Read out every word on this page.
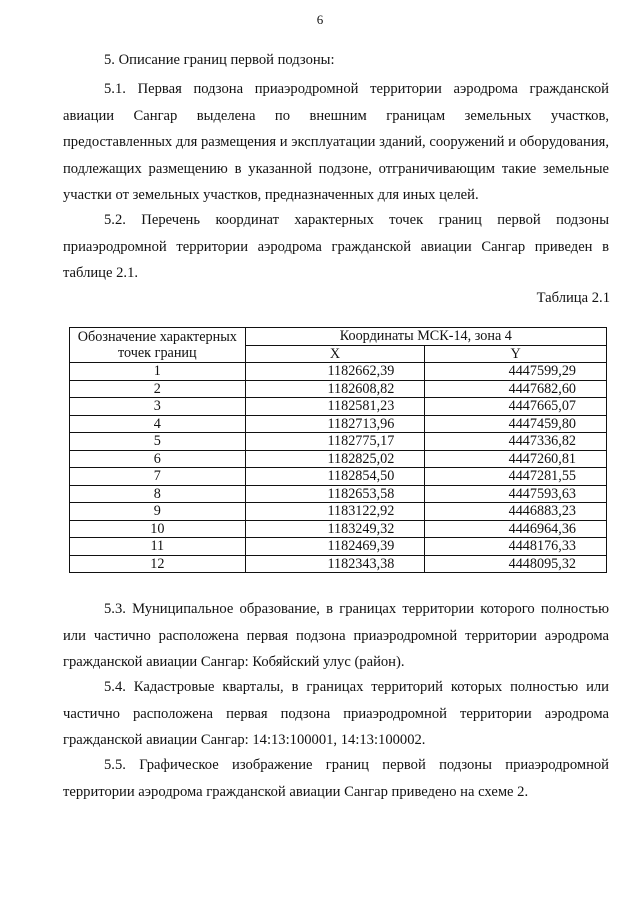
6
5. Описание границ первой подзоны:

5.1. Первая подзона приаэродромной территории аэродрома гражданской авиации Сангар выделена по внешним границам земельных участков, предоставленных для размещения и эксплуатации зданий, сооружений и оборудования, подлежащих размещению в указанной подзоне, отграничивающим такие земельные участки от земельных участков, предназначенных для иных целей.

5.2. Перечень координат характерных точек границ первой подзоны приаэродромной территории аэродрома гражданской авиации Сангар приведен в таблице 2.1.

Таблица 2.1
Обозначение характерных точек границ	Координаты МСК-14, зона 4	
	X	Y
1	1182662,39	4447599,29
2	1182608,82	4447682,60
3	1182581,23	4447665,07
4	1182713,96	4447459,80
5	1182775,17	4447336,82
6	1182825,02	4447260,81
7	1182854,50	4447281,55
8	1182653,58	4447593,63
9	1183122,92	4446883,23
10	1183249,32	4446964,36
11	1182469,39	4448176,33
12	1182343,38	4448095,32

5.3. Муниципальное образование, в границах территории которого полностью или частично расположена первая подзона приаэродромной территории аэродрома гражданской авиации Сангар: Кобяйский улус (район).

5.4. Кадастровые кварталы, в границах территорий которых полностью или частично расположена первая подзона приаэродромной территории аэродрома гражданской авиации Сангар: 14:13:100001, 14:13:100002.

5.5. Графическое изображение границ первой подзоны приаэродромной территории аэродрома гражданской авиации Сангар приведено на схеме 2.
